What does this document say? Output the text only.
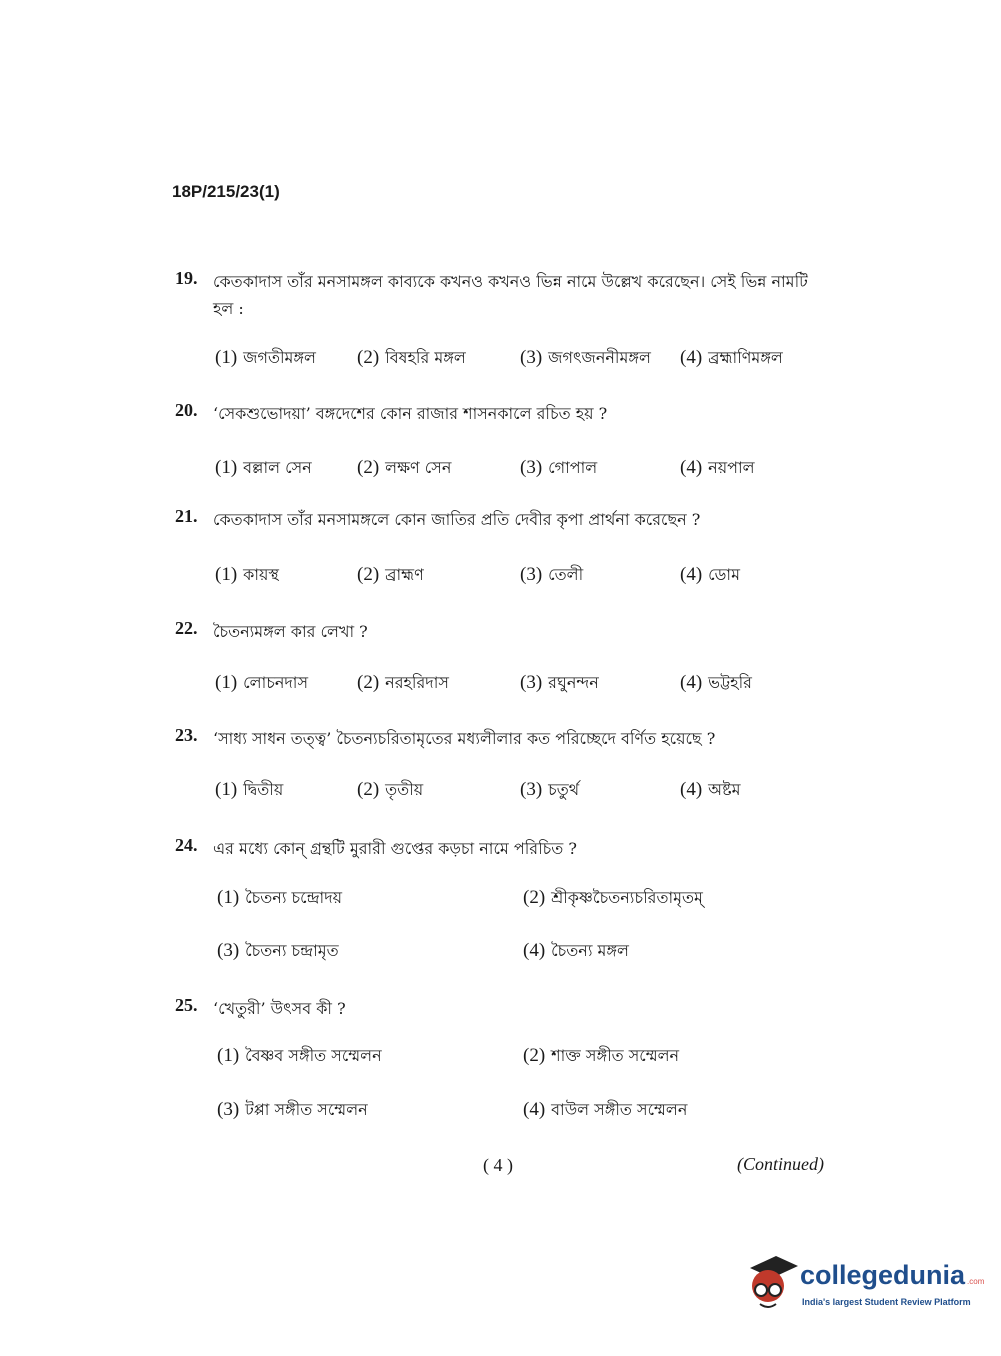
18P/215/23(1)
19. কেতকাদাস তাঁর মনসামঙ্গল কাব্যকে কখনও কখনও ভিন্ন নামে উল্লেখ করেছেন। সেই ভিন্ন নামটি
হল :
(1) জগতীমঙ্গল (2) বিষহরি মঙ্গল	(3) জগৎজননীমঙ্গল (4) ব্রহ্মাণিমঙ্গল
20. ‘সেকশুভোদয়া’ বঙ্গদেশের কোন রাজার শাসনকালে রচিত হয় ?
(1) বল্লাল সেন (2) লক্ষণ সেন	(3) গোপাল	(4) নয়পাল
21. কেতকাদাস তাঁর মনসামঙ্গলে কোন জাতির প্রতি দেবীর কৃপা প্রার্থনা করেছেন ?
(1) কায়স্থ	(2) ব্রাহ্মণ	(3) তেলী	(4) ডোম
22. চৈতন্যমঙ্গল কার লেখা ?
(1) লোচনদাস	(2) নরহরিদাস	(3) রঘুনন্দন	(4) ভট্টহরি
23. ‘সাধ্য সাধন তত্ত্ব’ চৈতন্যচরিতামৃতের মধ্যলীলার কত পরিচ্ছেদে বর্ণিত হয়েছে ?
(1) দ্বিতীয়	(2) তৃতীয়	(3) চতুর্থ	(4) অষ্টম
24. এর মধ্যে কোন্ গ্রন্থটি মুরারী গুপ্তের কড়চা নামে পরিচিত ?
(1) চৈতন্য চন্দ্রোদয়	(2) শ্রীকৃষ্ণচৈতন্যচরিতামৃতম্
(3) চৈতন্য চন্দ্রামৃত	(4) চৈতন্য মঙ্গল
25. ‘খেতুরী’ উৎসব কী ?
(1) বৈষ্ণব সঙ্গীত সম্মেলন	(2) শাক্ত সঙ্গীত সম্মেলন
(3) টপ্পা সঙ্গীত সম্মেলন	(4) বাউল সঙ্গীত সম্মেলন
( 4 )	(Continued)
collegedunia .com
India's largest Student Review Platform
